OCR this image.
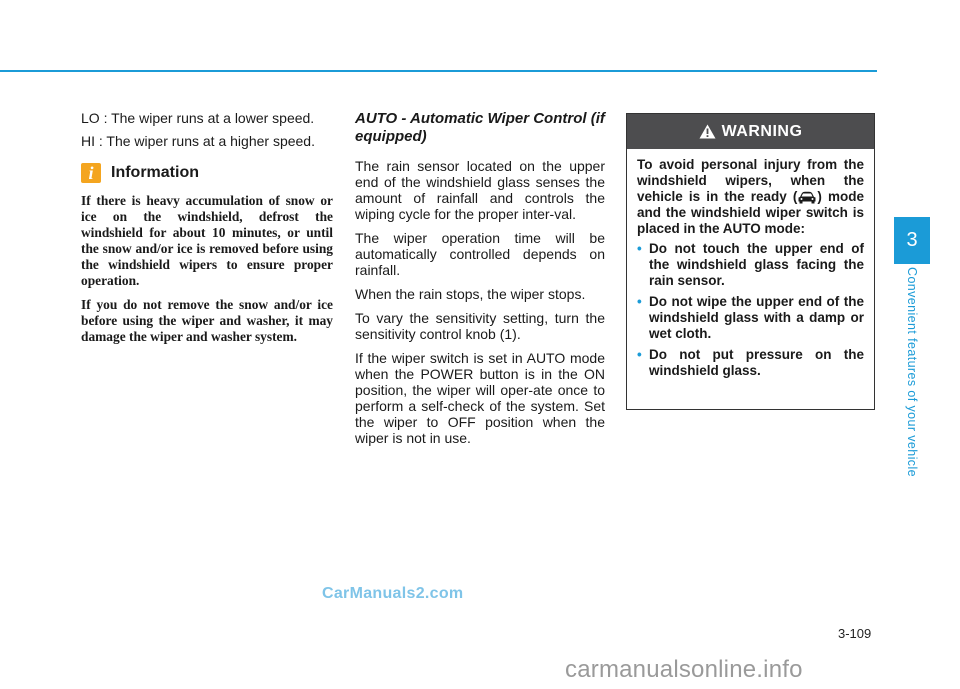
LO : The wiper runs at a lower speed.

HI : The wiper runs at a higher speed.

i	Information

If there is heavy accumulation of snow or ice on the windshield, defrost the windshield for about 10 minutes, or until the snow and/or ice is removed before using the windshield wipers to ensure proper operation.

If you do not remove the snow and/or ice before using the wiper and washer, it may damage the wiper and washer system.

AUTO - Automatic Wiper Control (if equipped)

The rain sensor located on the upper end of the windshield glass senses the amount of rainfall and controls the wiping cycle for the proper inter-val.

The wiper operation time will be automatically controlled depends on rainfall.

When the rain stops, the wiper stops.

To vary the sensitivity setting, turn the sensitivity control knob (1).

If the wiper switch is set in AUTO mode when the POWER button is in the ON position, the wiper will oper-ate once to perform a self-check of the system. Set the wiper to OFF position when the wiper is not in use.

WARNING

To avoid personal injury from the windshield wipers, when the vehicle is in the ready ( ) mode and the windshield wiper switch is placed in the AUTO mode:

• Do not touch the upper end of the windshield glass facing the rain sensor.
• Do not wipe the upper end of the windshield glass with a damp or wet cloth.
• Do not put pressure on the windshield glass.
3
Convenient features of your vehicle
3-109
CarManuals2.com
carmanualsonline.info
